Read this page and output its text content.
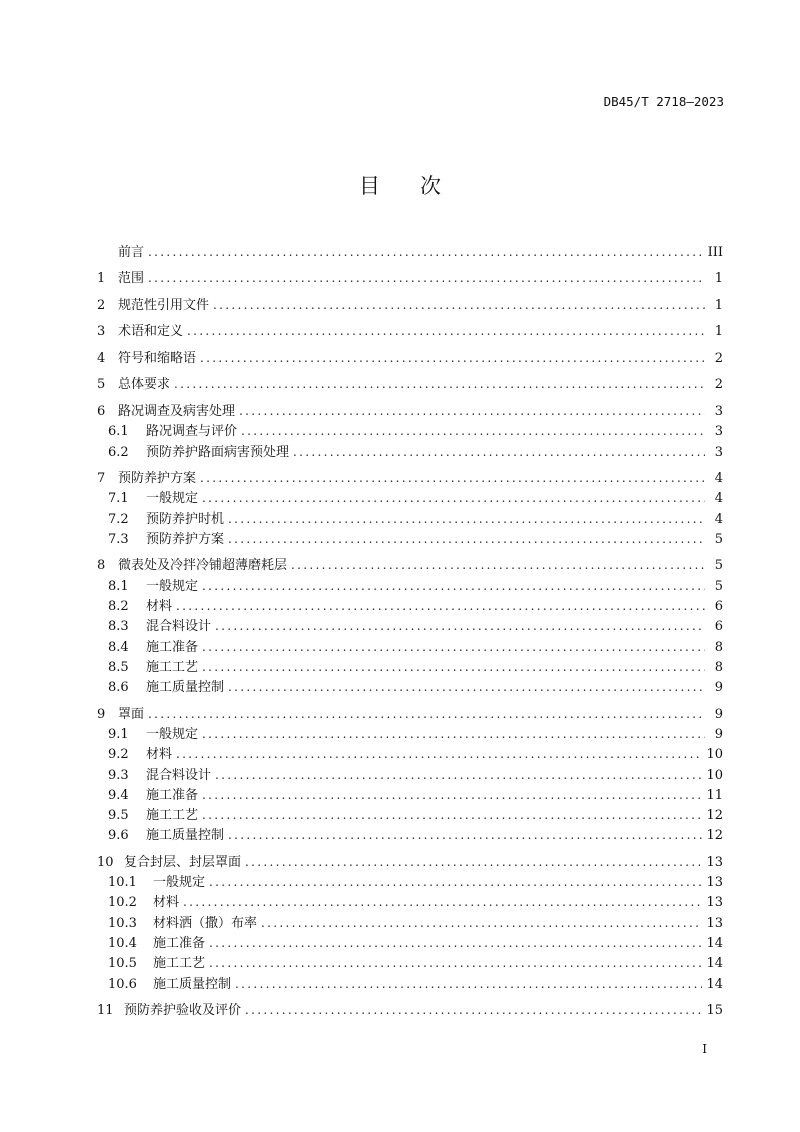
DB45/T 2718—2023
目次
前言 .....	III
1 范围 .....	1
2 规范性引用文件 .....	1
3 术语和定义 .....	1
4 符号和缩略语 .....	2
5 总体要求 .....	2
6 路况调查及病害处理 .....	3
6.1	路况调查与评价 .....	3
6.2	预防养护路面病害预处理 .....	3
7 预防养护方案 .....	4
7.1	一般规定 .....	4
7.2	预防养护时机 .....	4
7.3	预防养护方案 .....	5
8 微表处及冷拌冷铺超薄磨耗层 .....	5
8.1	一般规定 .....	5
8.2	材料 .....	6
8.3	混合料设计 .....	6
8.4	施工准备 .....	8
8.5	施工工艺 .....	8
8.6	施工质量控制 .....	9
9 罩面 .....	9
9.1	一般规定 .....	9
9.2	材料 .....	10
9.3	混合料设计 .....	10
9.4	施工准备 .....	11
9.5	施工工艺 .....	12
9.6	施工质量控制 .....	12
10 复合封层、封层罩面 .....	13
10.1	一般规定 .....	13
10.2	材料 .....	13
10.3	材料洒（撒）布率 .....	13
10.4	施工准备 .....	14
10.5	施工工艺 .....	14
10.6	施工质量控制 .....	14
11 预防养护验收及评价 .....	15
I
